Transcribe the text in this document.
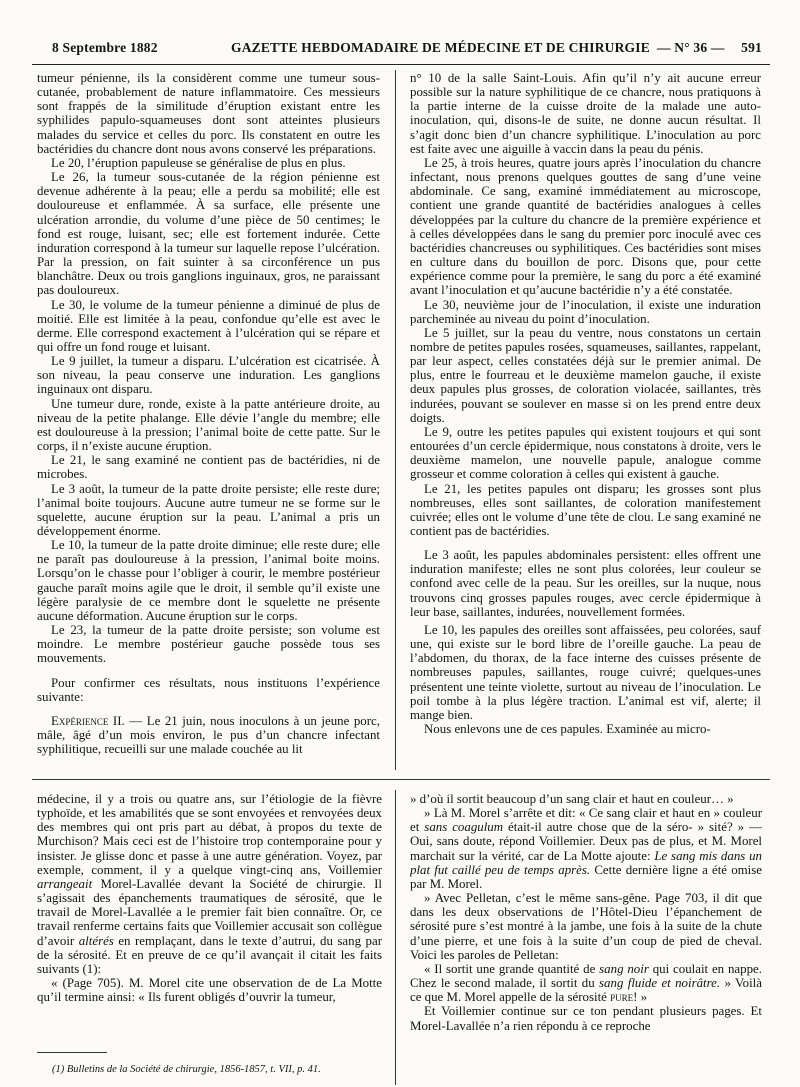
8 Septembre 1882	GAZETTE HEBDOMADAIRE DE MÉDECINE ET DE CHIRURGIE — N° 36 — 591

tumeur pénienne, ils la considèrent comme une tumeur sous-cutanée, probablement de nature inflammatoire. Ces messieurs sont frappés de la similitude d’éruption existant entre les syphilides papulo-squameuses dont sont atteintes plusieurs malades du service et celles du porc. Ils constatent en outre les bactéridies du chancre dont nous avons conservé les préparations.

Le 20, l’éruption papuleuse se généralise de plus en plus.

Le 26, la tumeur sous-cutanée de la région pénienne est devenue adhérente à la peau; elle a perdu sa mobilité; elle est douloureuse et enflammée. À sa surface, elle présente une ulcération arrondie, du volume d’une pièce de 50 centimes; le fond est rouge, luisant, sec; elle est fortement indurée. Cette induration correspond à la tumeur sur laquelle repose l’ulcération. Par la pression, on fait suinter à sa circonférence un pus blanchâtre. Deux ou trois ganglions inguinaux, gros, ne paraissant pas douloureux.

Le 30, le volume de la tumeur pénienne a diminué de plus de moitié. Elle est limitée à la peau, confondue qu’elle est avec le derme. Elle correspond exactement à l’ulcération qui se répare et qui offre un fond rouge et luisant.

Le 9 juillet, la tumeur a disparu. L’ulcération est cicatrisée. À son niveau, la peau conserve une induration. Les ganglions inguinaux ont disparu.

Une tumeur dure, ronde, existe à la patte antérieure droite, au niveau de la petite phalange. Elle dévie l’angle du membre; elle est douloureuse à la pression; l’animal boite de cette patte. Sur le corps, il n’existe aucune éruption.

Le 21, le sang examiné ne contient pas de bactéridies, ni de microbes.

Le 3 août, la tumeur de la patte droite persiste; elle reste dure; l’animal boite toujours. Aucune autre tumeur ne se forme sur le squelette, aucune éruption sur la peau. L’animal a pris un développement énorme.

Le 10, la tumeur de la patte droite diminue; elle reste dure; elle ne paraît pas douloureuse à la pression, l’animal boite moins. Lorsqu’on le chasse pour l’obliger à courir, le membre postérieur gauche paraît moins agile que le droit, il semble qu’il existe une légère paralysie de ce membre dont le squelette ne présente aucune déformation. Aucune éruption sur le corps.

Le 23, la tumeur de la patte droite persiste; son volume est moindre. Le membre postérieur gauche possède tous ses mouvements.

Pour confirmer ces résultats, nous instituons l’expérience suivante:

Expérience II. — Le 21 juin, nous inoculons à un jeune porc, mâle, âgé d’un mois environ, le pus d’un chancre infectant syphilitique, recueilli sur une malade couchée au lit

n° 10 de la salle Saint-Louis. Afin qu’il n’y ait aucune erreur possible sur la nature syphilitique de ce chancre, nous pratiquons à la partie interne de la cuisse droite de la malade une auto-inoculation, qui, disons-le de suite, ne donne aucun résultat. Il s’agit donc bien d’un chancre syphilitique. L’inoculation au porc est faite avec une aiguille à vaccin dans la peau du pénis.

Le 25, à trois heures, quatre jours après l’inoculation du chancre infectant, nous prenons quelques gouttes de sang d’une veine abdominale. Ce sang, examiné immédiatement au microscope, contient une grande quantité de bactéridies analogues à celles développées par la culture du chancre de la première expérience et à celles développées dans le sang du premier porc inoculé avec ces bactéridies chancreuses ou syphilitiques. Ces bactéridies sont mises en culture dans du bouillon de porc. Disons que, pour cette expérience comme pour la première, le sang du porc a été examiné avant l’inoculation et qu’aucune bactéridie n’y a été constatée.

Le 30, neuvième jour de l’inoculation, il existe une induration parcheminée au niveau du point d’inoculation.

Le 5 juillet, sur la peau du ventre, nous constatons un certain nombre de petites papules rosées, squameuses, saillantes, rappelant, par leur aspect, celles constatées déjà sur le premier animal. De plus, entre le fourreau et le deuxième mamelon gauche, il existe deux papules plus grosses, de coloration violacée, saillantes, très indurées, pouvant se soulever en masse si on les prend entre deux doigts.

Le 9, outre les petites papules qui existent toujours et qui sont entourées d’un cercle épidermique, nous constatons à droite, vers le deuxième mamelon, une nouvelle papule, analogue comme grosseur et comme coloration à celles qui existent à gauche.

Le 21, les petites papules ont disparu; les grosses sont plus nombreuses, elles sont saillantes, de coloration manifestement cuivrée; elles ont le volume d’une tête de clou. Le sang examiné ne contient pas de bactéridies.

Le 3 août, les papules abdominales persistent: elles offrent une induration manifeste; elles ne sont plus colorées, leur couleur se confond avec celle de la peau. Sur les oreilles, sur la nuque, nous trouvons cinq grosses papules rouges, avec cercle épidermique à leur base, saillantes, indurées, nouvellement formées.

Le 10, les papules des oreilles sont affaissées, peu colorées, sauf une, qui existe sur le bord libre de l’oreille gauche. La peau de l’abdomen, du thorax, de la face interne des cuisses présente de nombreuses papules, saillantes, rouge cuivré; quelques-unes présentent une teinte violette, surtout au niveau de l’inoculation. Le poil tombe à la plus légère traction. L’animal est vif, alerte; il mange bien.

Nous enlevons une de ces papules. Examinée au micro-

médecine, il y a trois ou quatre ans, sur l’étiologie de la fièvre typhoïde, et les amabilités que se sont envoyées et renvoyées deux des membres qui ont pris part au débat, à propos du texte de Murchison? Mais ceci est de l’histoire trop contemporaine pour y insister. Je glisse donc et passe à une autre génération. Voyez, par exemple, comment, il y a quelque vingt-cinq ans, Voillemier arrangeait Morel-Lavallée devant la Société de chirurgie. Il s’agissait des épanchements traumatiques de sérosité, que le travail de Morel-Lavallée a le premier fait bien connaître. Or, ce travail renferme certains faits que Voillemier accusait son collègue d’avoir altérés en remplaçant, dans le texte d’autrui, du sang par de la sérosité. Et en preuve de ce qu’il avançait il citait les faits suivants (1):

« (Page 705). M. Morel cite une observation de de La Motte qu’il termine ainsi: « Ils furent obligés d’ouvrir la tumeur,

(1) Bulletins de la Société de chirurgie, 1856-1857, t. VII, p. 41.

» d’où il sortit beaucoup d’un sang clair et haut en couleur… »

» Là M. Morel s’arrête et dit: « Ce sang clair et haut en » couleur et sans coagulum était-il autre chose que de la séro- » sité? » — Oui, sans doute, répond Voillemier. Deux pas de plus, et M. Morel marchait sur la vérité, car de La Motte ajoute: Le sang mis dans un plat fut caillé peu de temps après. Cette dernière ligne a été omise par M. Morel.

» Avec Pelletan, c’est le même sans-gêne. Page 703, il dit que dans les deux observations de l’Hôtel-Dieu l’épanchement de sérosité pure s’est montré à la jambe, une fois à la suite de la chute d’une pierre, et une fois à la suite d’un coup de pied de cheval. Voici les paroles de Pelletan:

« Il sortit une grande quantité de sang noir qui coulait en nappe. Chez le second malade, il sortit du sang fluide et noirâtre. » Voilà ce que M. Morel appelle de la sérosité pure! »

Et Voillemier continue sur ce ton pendant plusieurs pages. Et Morel-Lavallée n’a rien répondu à ce reproche
